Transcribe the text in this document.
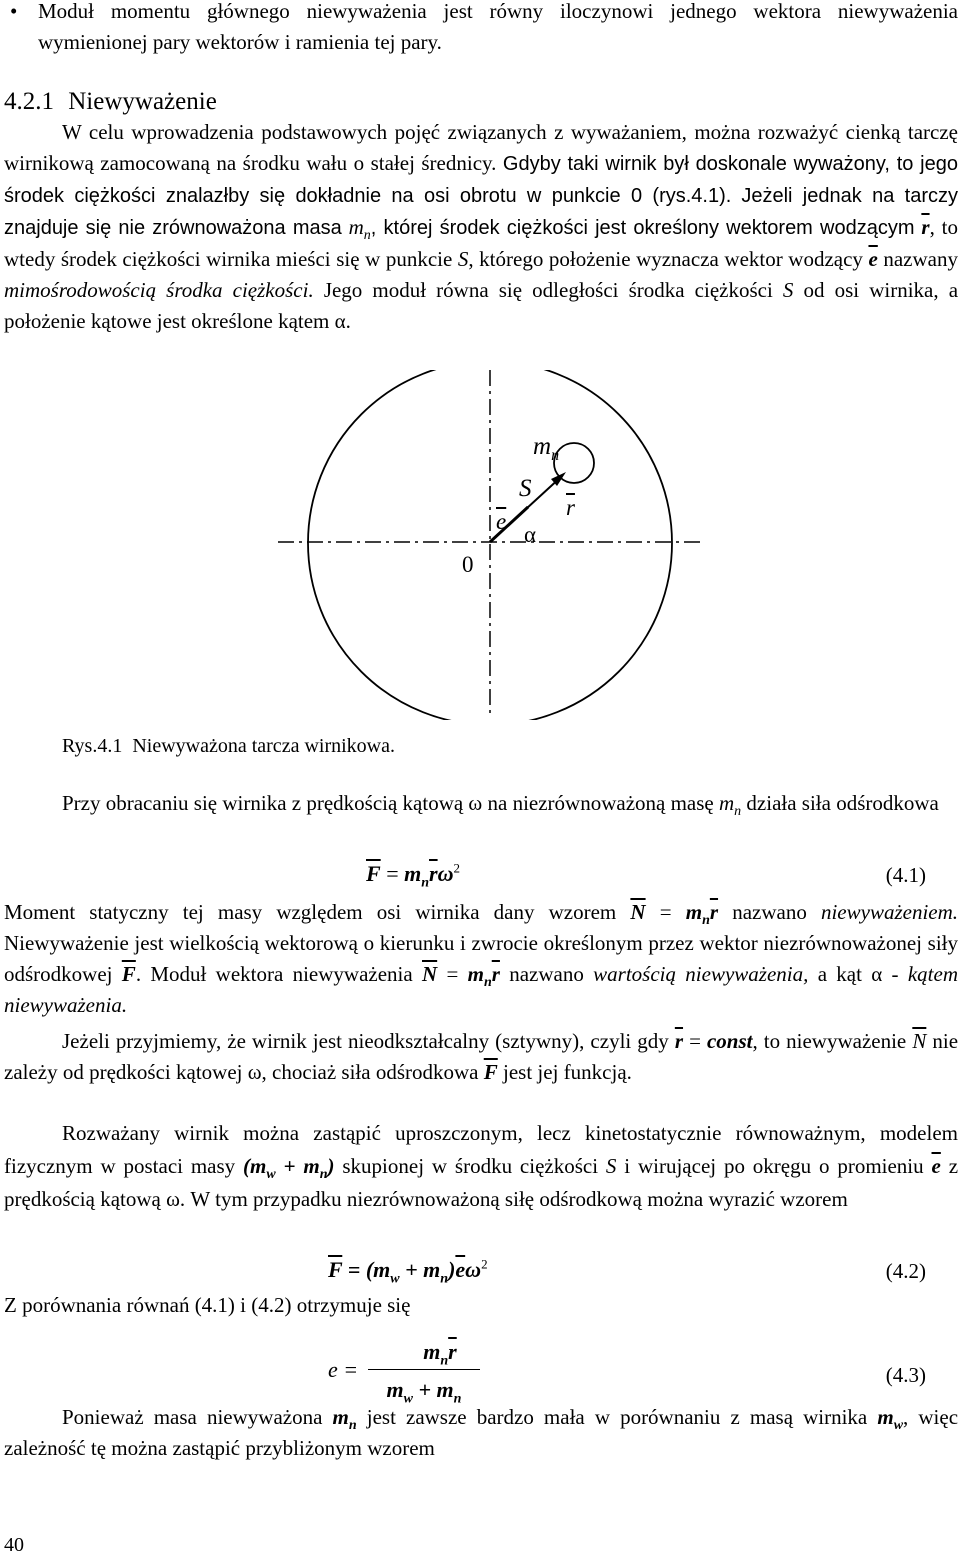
• Moduł momentu głównego niewyważenia jest równy iloczynowi jednego wektora niewyważenia wymienionej pary wektorów i ramienia tej pary.
4.2.1 Niewyważenie
W celu wprowadzenia podstawowych pojęć związanych z wyważaniem, można rozważyć cienką tarczę wirnikową zamocowaną na środku wału o stałej średnicy. Gdyby taki wirnik był doskonale wyważony, to jego środek ciężkości znalazłby się dokładnie na osi obrotu w punkcie 0 (rys.4.1). Jeżeli jednak na tarczy znajduje się nie zrównoważona masa $m_n$, której środek ciężkości jest określony wektorem wodzącym $\overline{r}$, to wtedy środek ciężkości wirnika mieści się w punkcie S, którego położenie wyznacza wektor wodzący $\overline{e}$ nazwany mimośrodowością środka ciężkości. Jego moduł równa się odległości środka ciężkości S od osi wirnika, a położenie kątowe jest określone kątem α.
$m_n$
S
$\overline{r}$
$\overline{e}$
α
0
Rys.4.1  Niewyważona tarcza wirnikowa.
Przy obracaniu się wirnika z prędkością kątową ω na niezrównoważoną masę $m_n$ działa siła odśrodkowa
$\overline{F} = m_n\overline{r}\omega^2$	(4.1)
Moment statyczny tej masy względem osi wirnika dany wzorem $\overline{N} = m_n\overline{r}$ nazwano niewyważeniem. Niewyważenie jest wielkością wektorową o kierunku i zwrocie określonym przez wektor niezrównoważonej siły odśrodkowej $\overline{F}$. Moduł wektora niewyważenia $\overline{N} = m_n\overline{r}$ nazwano wartością niewyważenia, a kąt α - kątem niewyważenia.
Jeżeli przyjmiemy, że wirnik jest nieodkształcalny (sztywny), czyli gdy $\overline{r}$ = const, to niewyważenie $\overline{N}$ nie zależy od prędkości kątowej ω, chociaż siła odśrodkowa $\overline{F}$ jest jej funkcją.
Rozważany wirnik można zastąpić uproszczonym, lecz kinetostatycznie równoważnym, modelem fizycznym w postaci masy $(m_w + m_n)$ skupionej w środku ciężkości S i wirującej po okręgu o promieniu $\overline{e}$ z prędkością kątową ω. W tym przypadku niezrównoważoną siłę odśrodkową można wyrazić wzorem
$\overline{F} = (m_w + m_n)\overline{e}\omega^2$	(4.2)
Z porównania równań (4.1) i (4.2) otrzymuje się
e =
$m_n\overline{r}$
$m_w + m_n$
(4.3)
Ponieważ masa niewyważona $m_n$ jest zawsze bardzo mała w porównaniu z masą wirnika $m_w$, więc zależność tę można zastąpić przybliżonym wzorem
40
